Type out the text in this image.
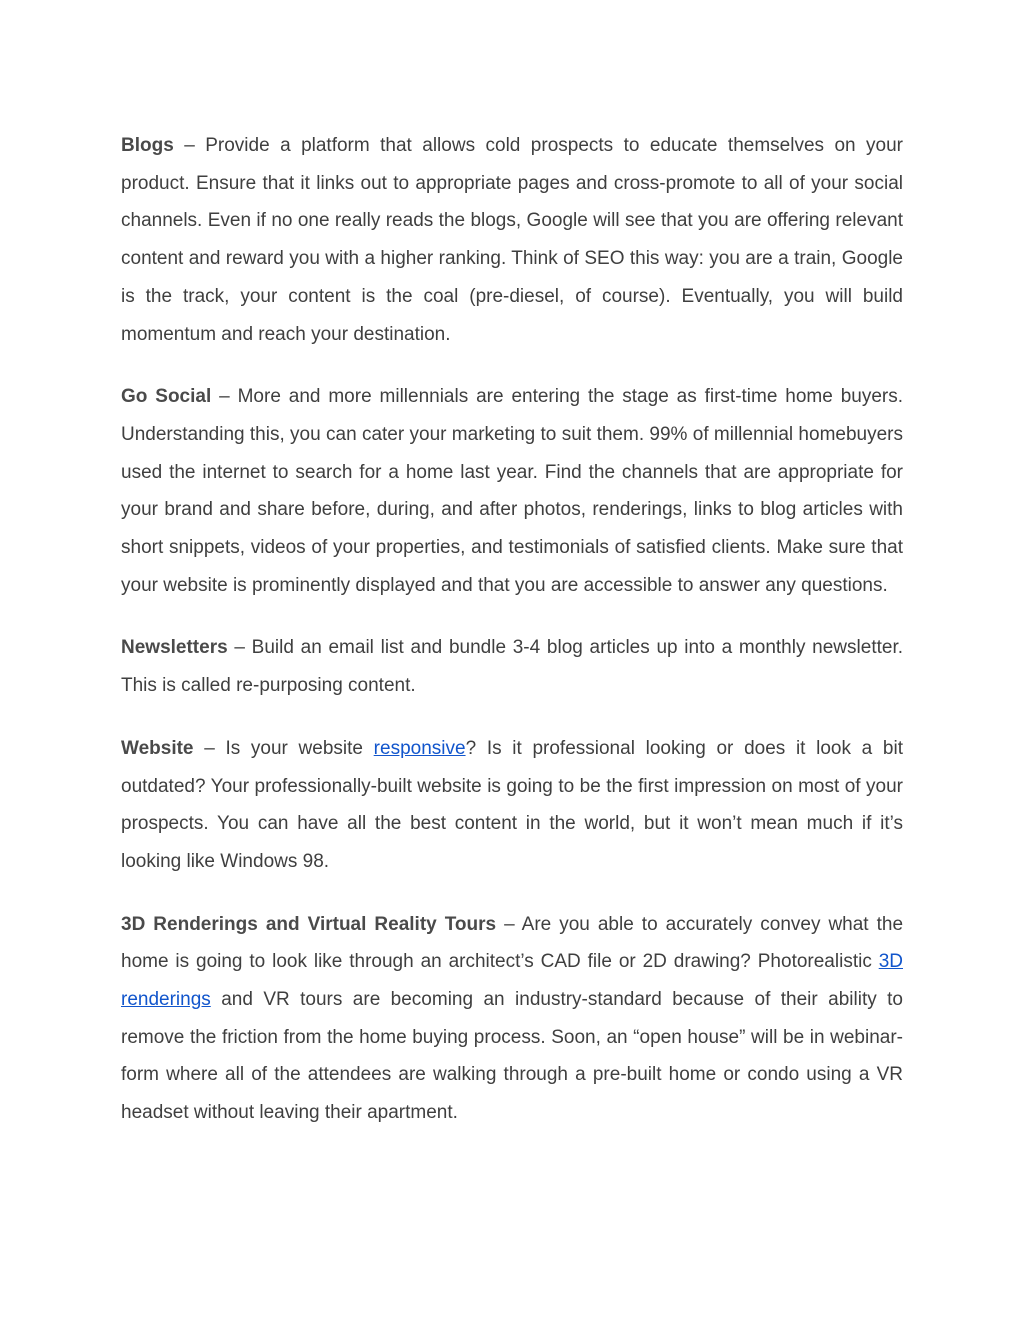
Blogs – Provide a platform that allows cold prospects to educate themselves on your product. Ensure that it links out to appropriate pages and cross-promote to all of your social channels. Even if no one really reads the blogs, Google will see that you are offering relevant content and reward you with a higher ranking. Think of SEO this way: you are a train, Google is the track, your content is the coal (pre-diesel, of course). Eventually, you will build momentum and reach your destination.

Go Social – More and more millennials are entering the stage as first-time home buyers. Understanding this, you can cater your marketing to suit them. 99% of millennial homebuyers used the internet to search for a home last year. Find the channels that are appropriate for your brand and share before, during, and after photos, renderings, links to blog articles with short snippets, videos of your properties, and testimonials of satisfied clients. Make sure that your website is prominently displayed and that you are accessible to answer any questions.

Newsletters – Build an email list and bundle 3-4 blog articles up into a monthly newsletter. This is called re-purposing content.

Website – Is your website responsive? Is it professional looking or does it look a bit outdated? Your professionally-built website is going to be the first impression on most of your prospects. You can have all the best content in the world, but it won’t mean much if it’s looking like Windows 98.

3D Renderings and Virtual Reality Tours – Are you able to accurately convey what the home is going to look like through an architect’s CAD file or 2D drawing? Photorealistic 3D renderings and VR tours are becoming an industry-standard because of their ability to remove the friction from the home buying process. Soon, an “open house” will be in webinar-form where all of the attendees are walking through a pre-built home or condo using a VR headset without leaving their apartment.
